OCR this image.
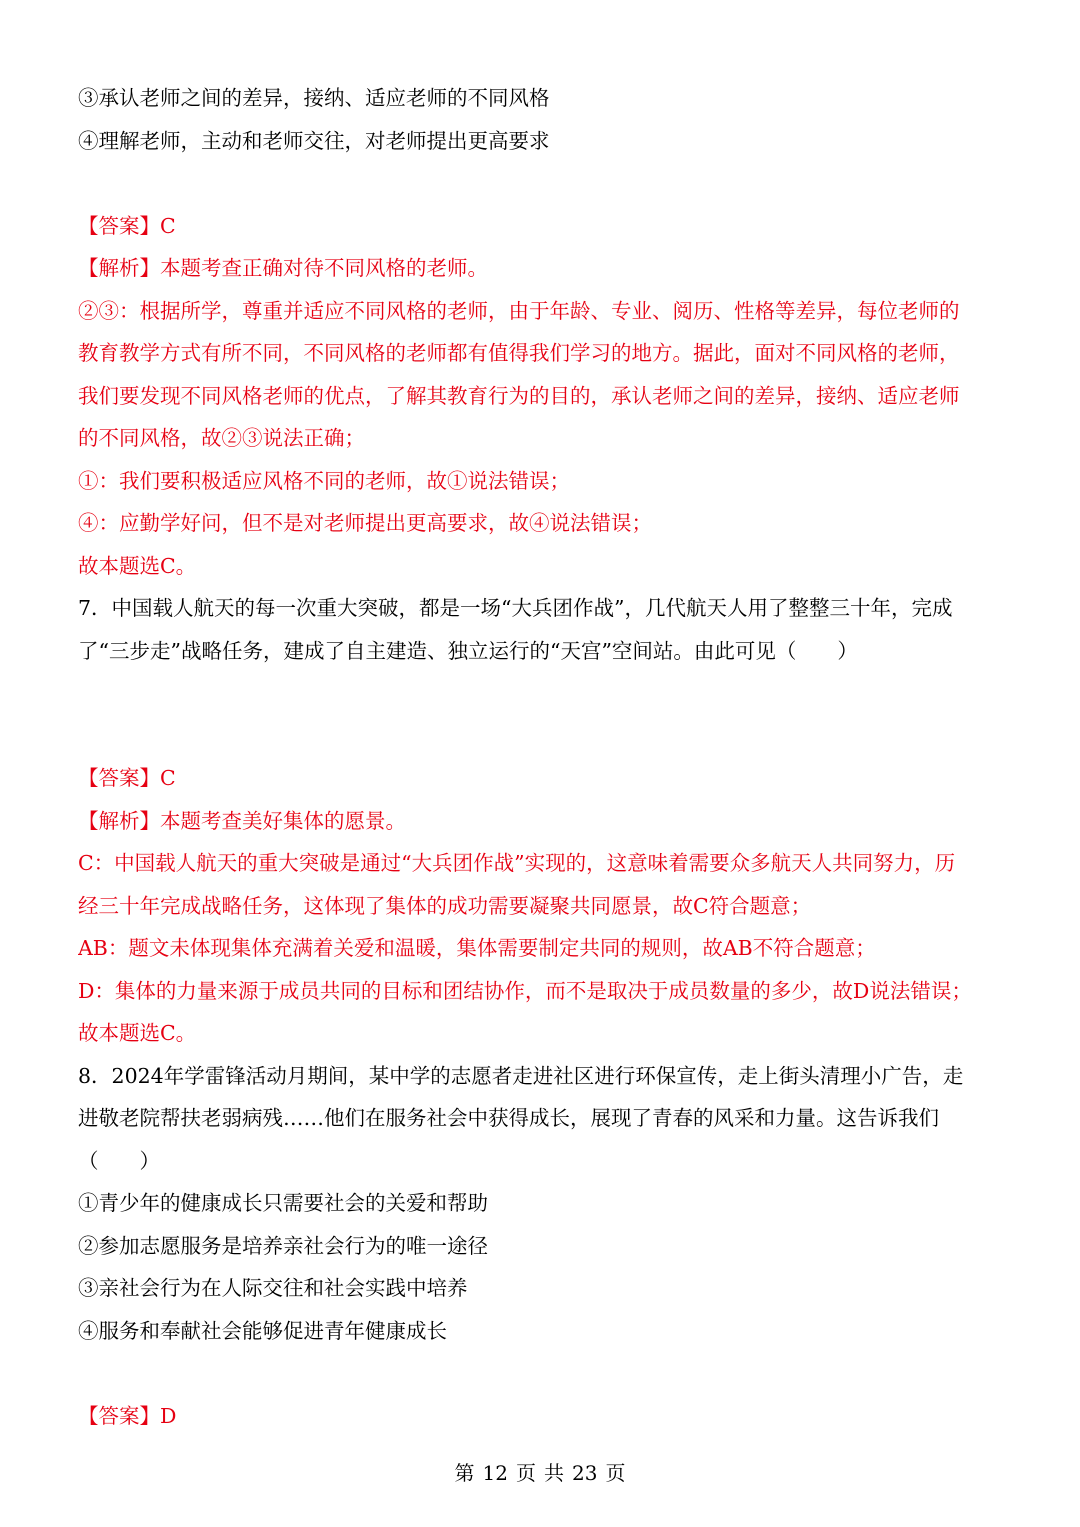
③承认老师之间的差异，接纳、适应老师的不同风格
④理解老师，主动和老师交往，对老师提出更高要求
【答案】C
【解析】本题考查正确对待不同风格的老师。
②③：根据所学，尊重并适应不同风格的老师，由于年龄、专业、阅历、性格等差异，每位老师的
教育教学方式有所不同，不同风格的老师都有值得我们学习的地方。据此，面对不同风格的老师，
我们要发现不同风格老师的优点，了解其教育行为的目的，承认老师之间的差异，接纳、适应老师
的不同风格，故②③说法正确；
①：我们要积极适应风格不同的老师，故①说法错误；
④：应勤学好问，但不是对老师提出更高要求，故④说法错误；
故本题选C。
7．中国载人航天的每一次重大突破，都是一场“大兵团作战”，几代航天人用了整整三十年，完成
了“三步走”战略任务，建成了自主建造、独立运行的“天宫”空间站。由此可见（　　）
【答案】C
【解析】本题考查美好集体的愿景。
C：中国载人航天的重大突破是通过“大兵团作战”实现的，这意味着需要众多航天人共同努力，历
经三十年完成战略任务，这体现了集体的成功需要凝聚共同愿景，故C符合题意；
AB：题文未体现集体充满着关爱和温暖，集体需要制定共同的规则，故AB不符合题意；
D：集体的力量来源于成员共同的目标和团结协作，而不是取决于成员数量的多少，故D说法错误；
故本题选C。
8．2024年学雷锋活动月期间，某中学的志愿者走进社区进行环保宣传，走上街头清理小广告，走
进敬老院帮扶老弱病残……他们在服务社会中获得成长，展现了青春的风采和力量。这告诉我们
（　　）
①青少年的健康成长只需要社会的关爱和帮助
②参加志愿服务是培养亲社会行为的唯一途径
③亲社会行为在人际交往和社会实践中培养
④服务和奉献社会能够促进青年健康成长
【答案】D
第 12 页 共 23 页
